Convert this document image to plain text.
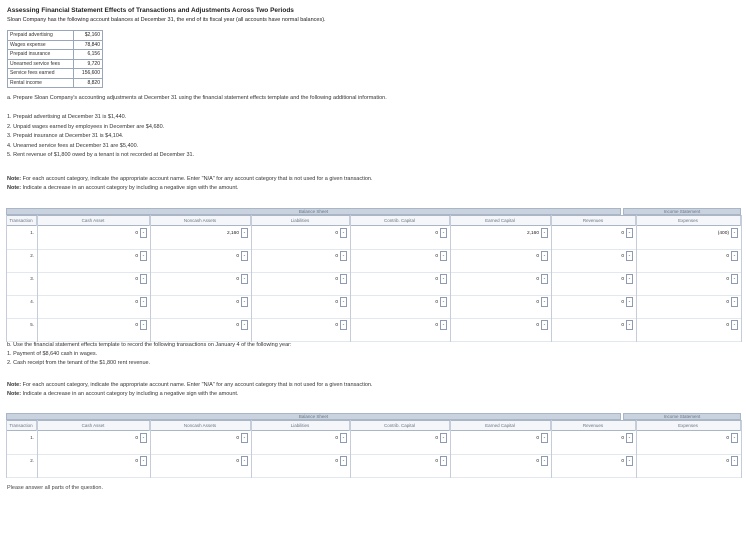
Assessing Financial Statement Effects of Transactions and Adjustments Across Two Periods
Sloan Company has the following account balances at December 31, the end of its fiscal year (all accounts have normal balances).
Prepaid advertising	$2,160
Wages expense	78,840
Prepaid insurance	6,156
Unearned service fees	9,720
Service fees earned	156,600
Rental income	8,820
a. Prepare Sloan Company's accounting adjustments at December 31 using the financial statement effects template and the following additional information.
1. Prepaid advertising at December 31 is $1,440.
2. Unpaid wages earned by employees in December are $4,680.
3. Prepaid insurance at December 31 is $4,104.
4. Unearned service fees at December 31 are $5,400.
5. Rent revenue of $1,800 owed by a tenant is not recorded at December 31.
Note: For each account category, indicate the appropriate account name. Enter "N/A" for any account category that is not used for a given transaction.
Note: Indicate a decrease in an account category by including a negative sign with the amount.
Balance Sheet	Income Statement
Transaction	Cash Asset	Noncash Assets	Liabilities	Contrib. Capital	Earned Capital	Revenues	Expenses
1.	0 -	2,160 -	0 -	0 -	2,160 -	0 -	(400) -
2.	0 -	0 -	0 -	0 -	0 -	0 -	0 -
3.	0 -	0 -	0 -	0 -	0 -	0 -	0 -
4.	0 -	0 -	0 -	0 -	0 -	0 -	0 -
5.	0 -	0 -	0 -	0 -	0 -	0 -	0 -
b. Use the financial statement effects template to record the following transactions on January 4 of the following year:
1. Payment of $8,640 cash in wages.
2. Cash receipt from the tenant of the $1,800 rent revenue.
Note: For each account category, indicate the appropriate account name. Enter "N/A" for any account category that is not used for a given transaction.
Note: Indicate a decrease in an account category by including a negative sign with the amount.
Balance Sheet	Income Statement
Transaction	Cash Asset	Noncash Assets	Liabilities	Contrib. Capital	Earned Capital	Revenues	Expenses
1.	0 -	0 -	0 -	0 -	0 -	0 -	0 -
2.	0 -	0 -	0 -	0 -	0 -	0 -	0 -
Please answer all parts of the question.
